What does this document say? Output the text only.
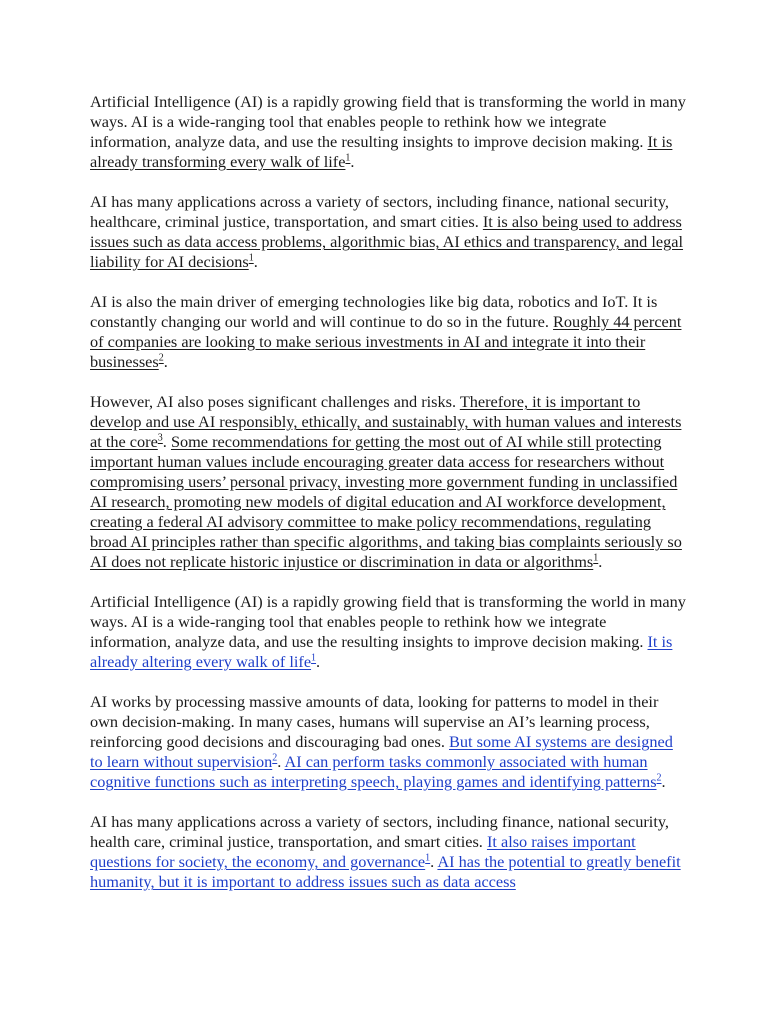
Artificial Intelligence (AI) is a rapidly growing field that is transforming the world in many ways. AI is a wide-ranging tool that enables people to rethink how we integrate information, analyze data, and use the resulting insights to improve decision making. It is already transforming every walk of life$^1$.

AI has many applications across a variety of sectors, including finance, national security, healthcare, criminal justice, transportation, and smart cities. It is also being used to address issues such as data access problems, algorithmic bias, AI ethics and transparency, and legal liability for AI decisions$^1$.

AI is also the main driver of emerging technologies like big data, robotics and IoT. It is constantly changing our world and will continue to do so in the future. Roughly 44 percent of companies are looking to make serious investments in AI and integrate it into their businesses$^2$.

However, AI also poses significant challenges and risks. Therefore, it is important to develop and use AI responsibly, ethically, and sustainably, with human values and interests at the core$^3$. Some recommendations for getting the most out of AI while still protecting important human values include encouraging greater data access for researchers without compromising users’ personal privacy, investing more government funding in unclassified AI research, promoting new models of digital education and AI workforce development, creating a federal AI advisory committee to make policy recommendations, regulating broad AI principles rather than specific algorithms, and taking bias complaints seriously so AI does not replicate historic injustice or discrimination in data or algorithms$^1$.

Artificial Intelligence (AI) is a rapidly growing field that is transforming the world in many ways. AI is a wide-ranging tool that enables people to rethink how we integrate information, analyze data, and use the resulting insights to improve decision making. It is already altering every walk of life$^1$.

AI works by processing massive amounts of data, looking for patterns to model in their own decision-making. In many cases, humans will supervise an AI’s learning process, reinforcing good decisions and discouraging bad ones. But some AI systems are designed to learn without supervision$^2$. AI can perform tasks commonly associated with human cognitive functions such as interpreting speech, playing games and identifying patterns$^2$.

AI has many applications across a variety of sectors, including finance, national security, health care, criminal justice, transportation, and smart cities. It also raises important questions for society, the economy, and governance$^1$. AI has the potential to greatly benefit humanity, but it is important to address issues such as data access
